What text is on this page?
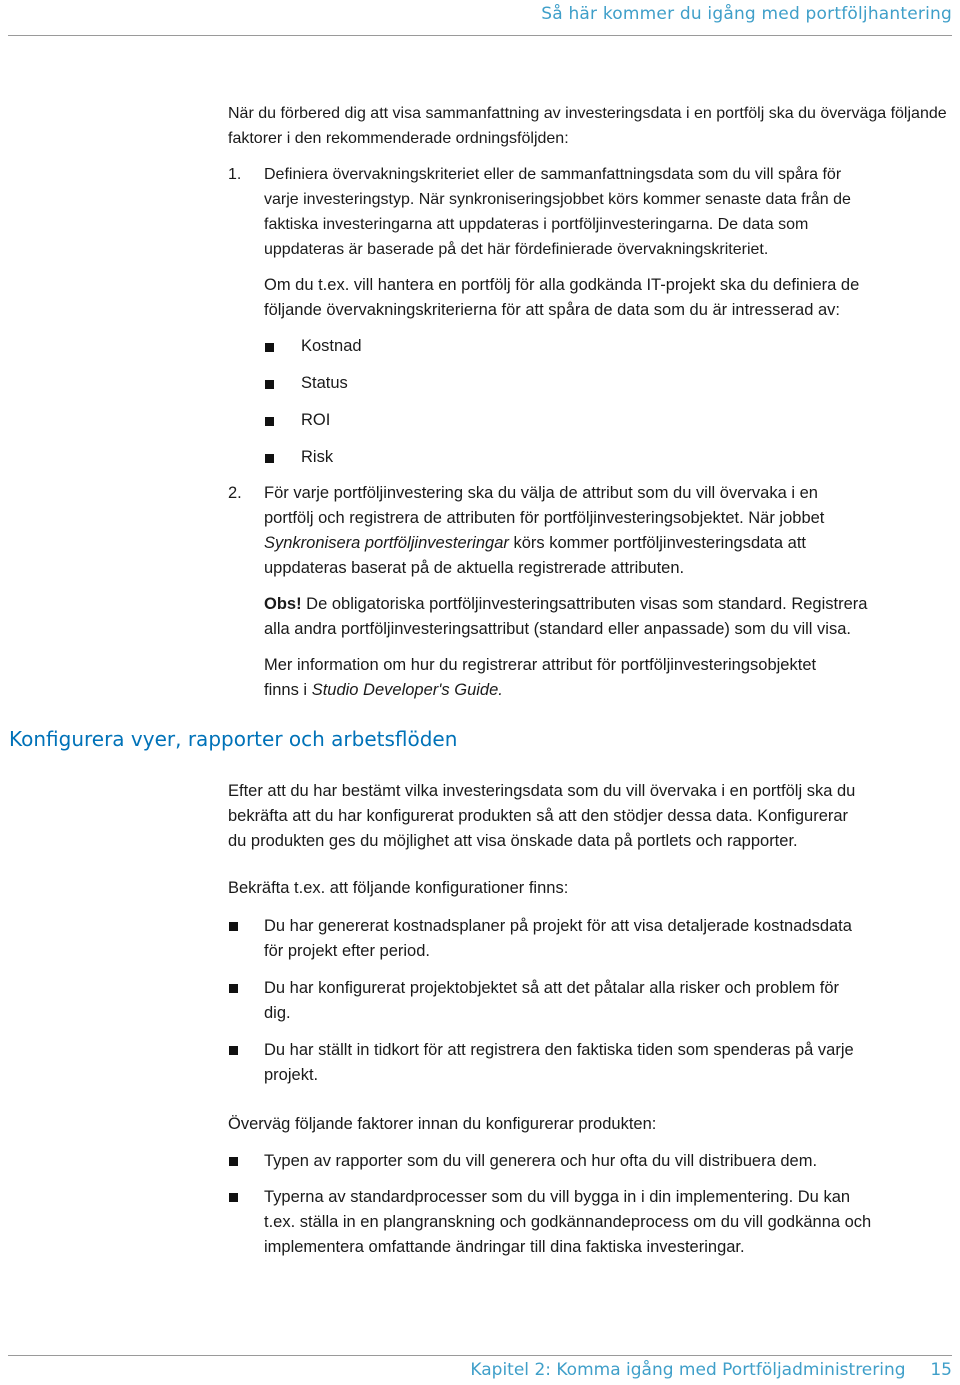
Så här kommer du igång med portföljhantering
När du förbered dig att visa sammanfattning av investeringsdata i en portfölj ska du överväga följande faktorer i den rekommenderade ordningsföljden:
1. Definiera övervakningskriteriet eller de sammanfattningsdata som du vill spåra för
varje investeringstyp. När synkroniseringsjobbet körs kommer senaste data från de
faktiska investeringarna att uppdateras i portföljinvesteringarna. De data som
uppdateras är baserade på det här fördefinierade övervakningskriteriet.
Om du t.ex. vill hantera en portfölj för alla godkända IT-projekt ska du definiera de
följande övervakningskriterierna för att spåra de data som du är intresserad av:
Kostnad
Status
ROI
Risk
2. För varje portföljinvestering ska du välja de attribut som du vill övervaka i en
portfölj och registrera de attributen för portföljinvesteringsobjektet. När jobbet
Synkronisera portföljinvesteringar körs kommer portföljinvesteringsdata att
uppdateras baserat på de aktuella registrerade attributen.
Obs! De obligatoriska portföljinvesteringsattributen visas som standard. Registrera
alla andra portföljinvesteringsattribut (standard eller anpassade) som du vill visa.
Mer information om hur du registrerar attribut för portföljinvesteringsobjektet
finns i Studio Developer's Guide.
Konfigurera vyer, rapporter och arbetsflöden
Efter att du har bestämt vilka investeringsdata som du vill övervaka i en portfölj ska du
bekräfta att du har konfigurerat produkten så att den stödjer dessa data. Konfigurerar
du produkten ges du möjlighet att visa önskade data på portlets och rapporter.
Bekräfta t.ex. att följande konfigurationer finns:
Du har genererat kostnadsplaner på projekt för att visa detaljerade kostnadsdata
för projekt efter period.
Du har konfigurerat projektobjektet så att det påtalar alla risker och problem för
dig.
Du har ställt in tidkort för att registrera den faktiska tiden som spenderas på varje
projekt.
Överväg följande faktorer innan du konfigurerar produkten:
Typen av rapporter som du vill generera och hur ofta du vill distribuera dem.
Typerna av standardprocesser som du vill bygga in i din implementering. Du kan
t.ex. ställa in en plangranskning och godkännandeprocess om du vill godkänna och
implementera omfattande ändringar till dina faktiska investeringar.
Kapitel 2: Komma igång med Portföljadministrering 15
